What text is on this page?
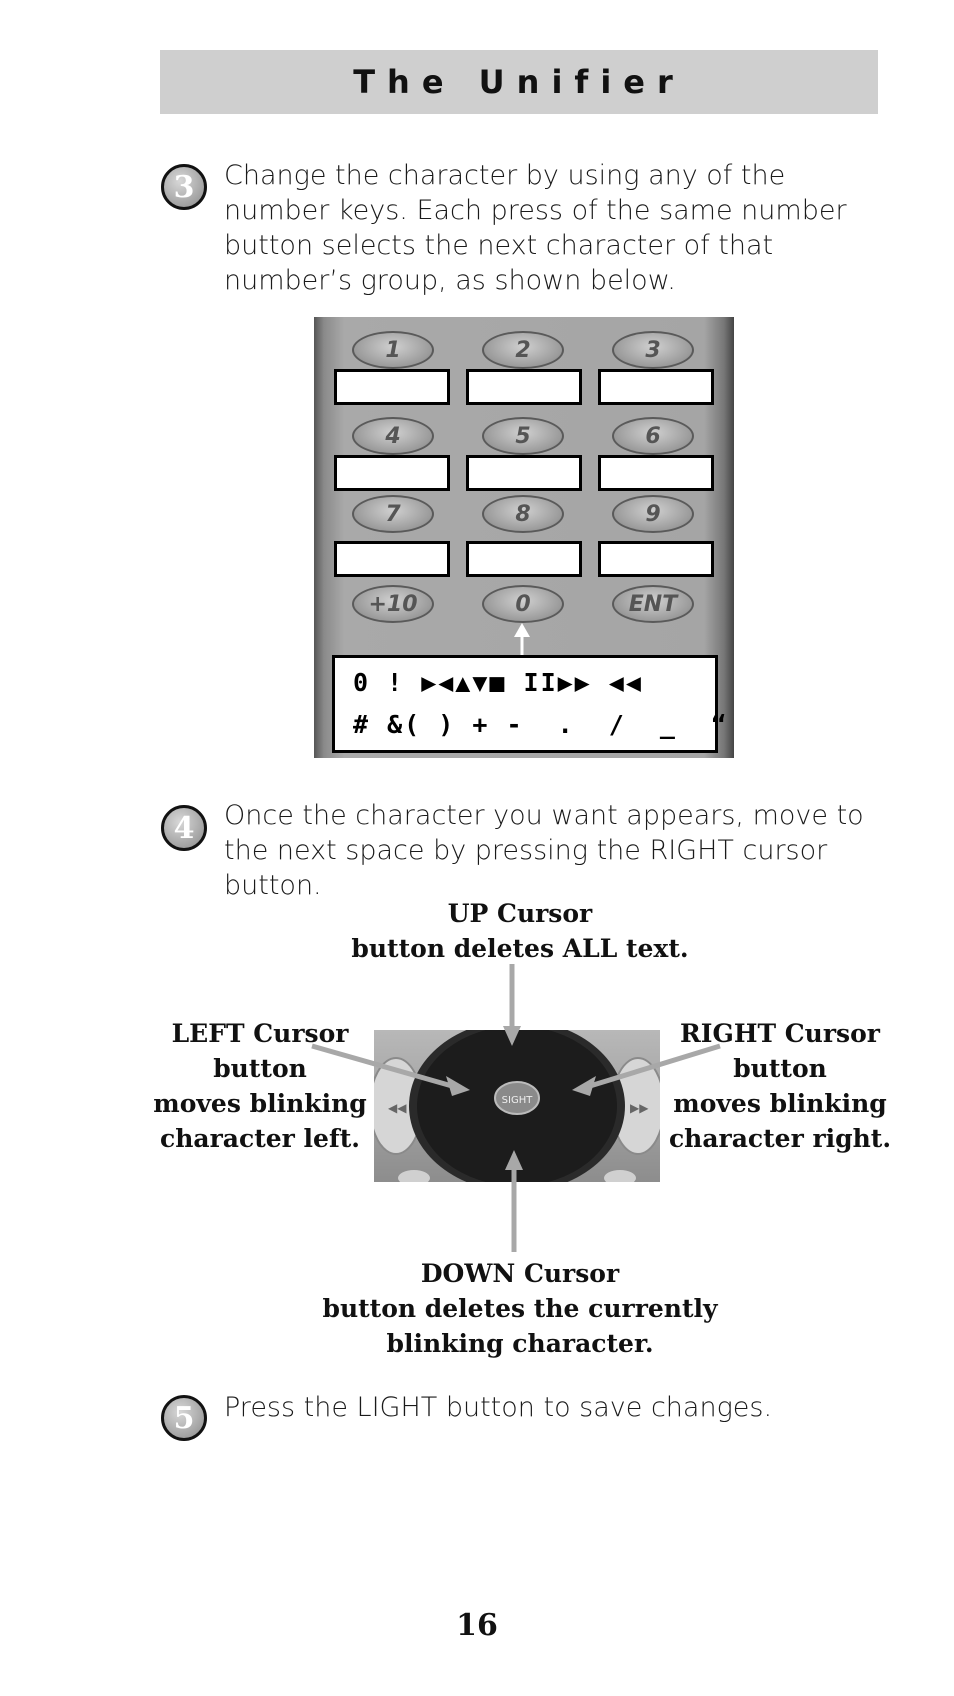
The Unifier
3 Change the character by using any of the number keys. Each press of the same number button selects the next character of that number’s group, as shown below.
1	2	3
4	5	6
7	8	9
+10	0	ENT
0 ! ▶◀▲▼■ II▶▶ ◀◀
# &( ) + -  .  /  _  “
4 Once the character you want appears, move to the next space by pressing the RIGHT cursor button.
UP Cursor
button deletes ALL text.
LEFT Cursor
button
moves blinking
character left.
RIGHT Cursor
button
moves blinking
character right.
DOWN Cursor
button deletes the currently
blinking character.
◀◀	▶▶
SIGHT
5 Press the LIGHT button to save changes.
16
